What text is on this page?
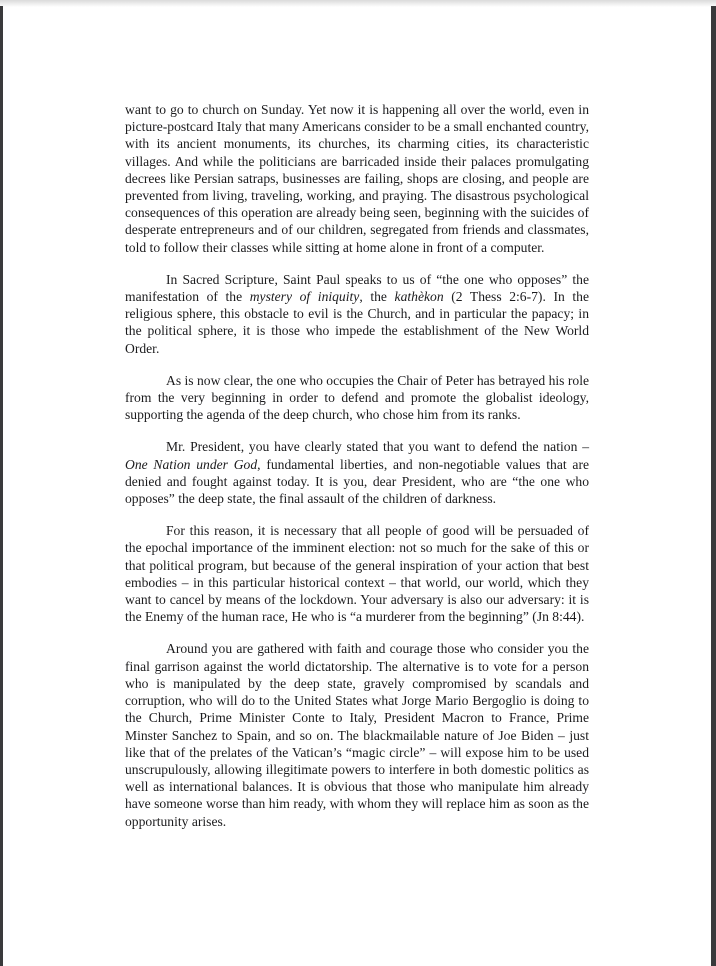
want to go to church on Sunday. Yet now it is happening all over the world, even in picture-postcard Italy that many Americans consider to be a small enchanted country, with its ancient monuments, its churches, its charming cities, its characteristic villages. And while the politicians are barricaded inside their palaces promulgating decrees like Persian satraps, businesses are failing, shops are closing, and people are prevented from living, traveling, working, and praying. The disastrous psychological consequences of this operation are already being seen, beginning with the suicides of desperate entrepreneurs and of our children, segregated from friends and classmates, told to follow their classes while sitting at home alone in front of a computer.

In Sacred Scripture, Saint Paul speaks to us of “the one who opposes” the manifestation of the mystery of iniquity, the kathèkon (2 Thess 2:6-7). In the religious sphere, this obstacle to evil is the Church, and in particular the papacy; in the political sphere, it is those who impede the establishment of the New World Order.

As is now clear, the one who occupies the Chair of Peter has betrayed his role from the very beginning in order to defend and promote the globalist ideology, supporting the agenda of the deep church, who chose him from its ranks.

Mr. President, you have clearly stated that you want to defend the nation – One Nation under God, fundamental liberties, and non-negotiable values that are denied and fought against today. It is you, dear President, who are “the one who opposes” the deep state, the final assault of the children of darkness.

For this reason, it is necessary that all people of good will be persuaded of the epochal importance of the imminent election: not so much for the sake of this or that political program, but because of the general inspiration of your action that best embodies – in this particular historical context – that world, our world, which they want to cancel by means of the lockdown. Your adversary is also our adversary: it is the Enemy of the human race, He who is “a murderer from the beginning” (Jn 8:44).

Around you are gathered with faith and courage those who consider you the final garrison against the world dictatorship. The alternative is to vote for a person who is manipulated by the deep state, gravely compromised by scandals and corruption, who will do to the United States what Jorge Mario Bergoglio is doing to the Church, Prime Minister Conte to Italy, President Macron to France, Prime Minster Sanchez to Spain, and so on. The blackmailable nature of Joe Biden – just like that of the prelates of the Vatican’s “magic circle” – will expose him to be used unscrupulously, allowing illegitimate powers to interfere in both domestic politics as well as international balances. It is obvious that those who manipulate him already have someone worse than him ready, with whom they will replace him as soon as the opportunity arises.
